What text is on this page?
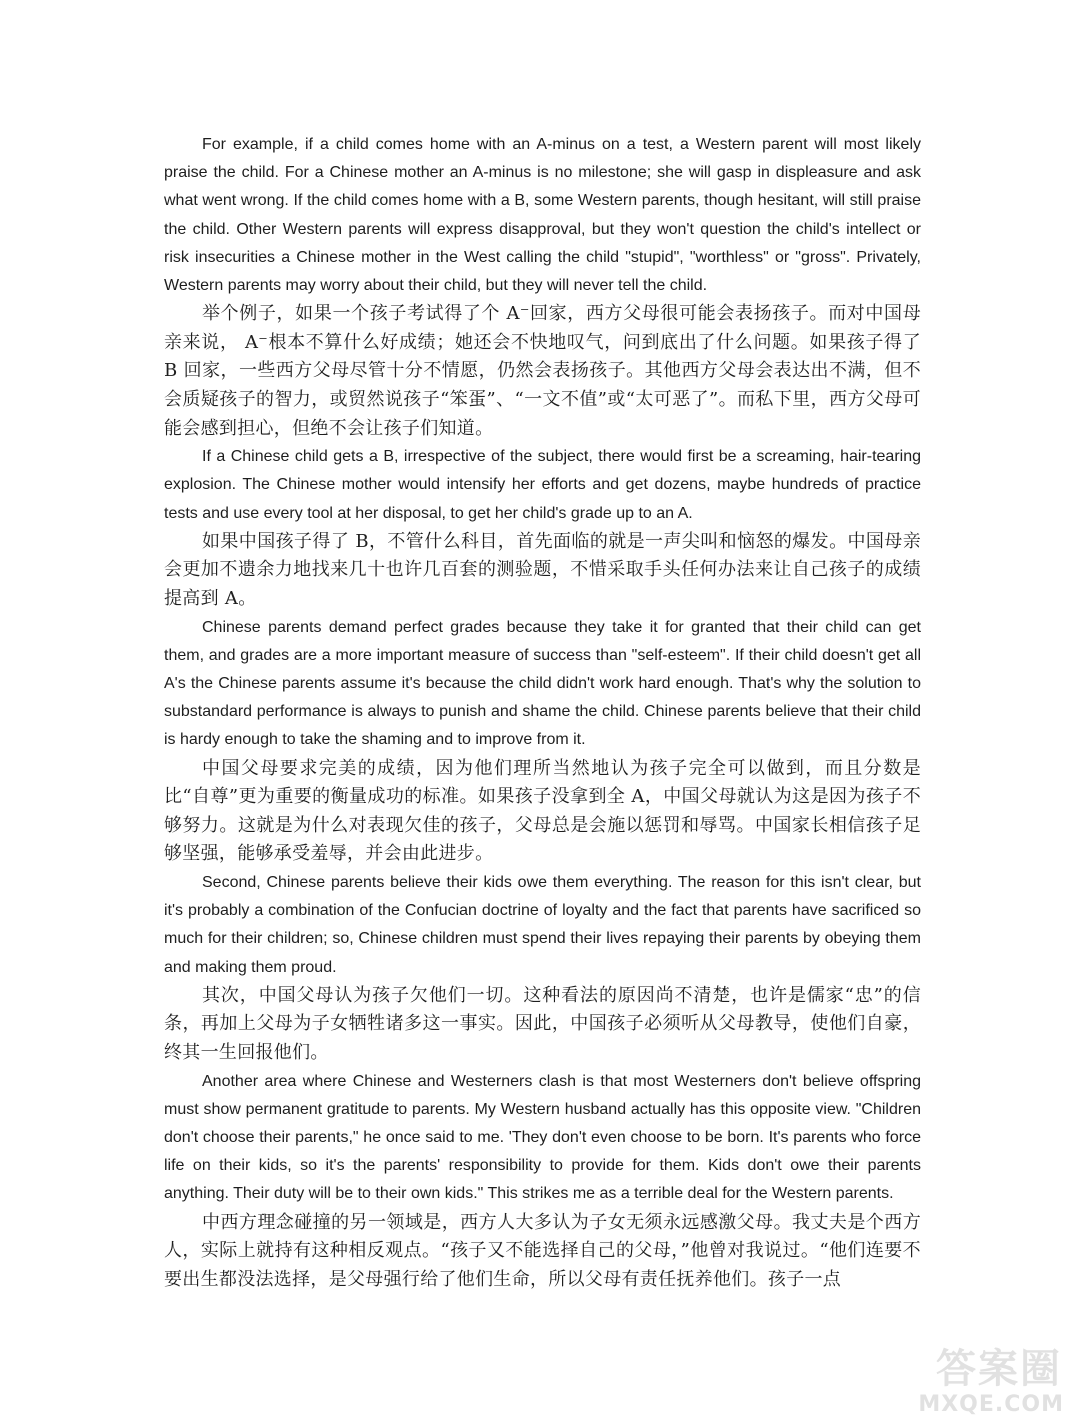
For example, if a child comes home with an A-minus on a test, a Western parent will most likely praise the child. For a Chinese mother an A-minus is no milestone; she will gasp in displeasure and ask what went wrong. If the child comes home with a B, some Western parents, though hesitant, will still praise the child. Other Western parents will express disapproval, but they won't question the child's intellect or risk insecurities a Chinese mother in the West calling the child "stupid", "worthless" or "gross". Privately, Western parents may worry about their child, but they will never tell the child.

举个例子，如果一个孩子考试得了个 A⁻回家，西方父母很可能会表扬孩子。而对中国母亲来说， A⁻根本不算什么好成绩；她还会不快地叹气，问到底出了什么问题。如果孩子得了 B 回家，一些西方父母尽管十分不情愿，仍然会表扬孩子。其他西方父母会表达出不满，但不会质疑孩子的智力，或贸然说孩子“笨蛋”、“一文不值”或“太可恶了”。而私下里，西方父母可能会感到担心，但绝不会让孩子们知道。

If a Chinese child gets a B, irrespective of the subject, there would first be a screaming, hair-tearing explosion. The Chinese mother would intensify her efforts and get dozens, maybe hundreds of practice tests and use every tool at her disposal, to get her child's grade up to an A.

如果中国孩子得了 B，不管什么科目，首先面临的就是一声尖叫和恼怒的爆发。中国母亲会更加不遗余力地找来几十也许几百套的测验题，不惜采取手头任何办法来让自己孩子的成绩提高到 A。

Chinese parents demand perfect grades because they take it for granted that their child can get them, and grades are a more important measure of success than "self-esteem". If their child doesn't get all A's the Chinese parents assume it's because the child didn't work hard enough. That's why the solution to substandard performance is always to punish and shame the child. Chinese parents believe that their child is hardy enough to take the shaming and to improve from it.

中国父母要求完美的成绩，因为他们理所当然地认为孩子完全可以做到，而且分数是比“自尊”更为重要的衡量成功的标准。如果孩子没拿到全 A，中国父母就认为这是因为孩子不够努力。这就是为什么对表现欠佳的孩子，父母总是会施以惩罚和辱骂。中国家长相信孩子足够坚强，能够承受羞辱，并会由此进步。

Second, Chinese parents believe their kids owe them everything. The reason for this isn't clear, but it's probably a combination of the Confucian doctrine of loyalty and the fact that parents have sacrificed so much for their children; so, Chinese children must spend their lives repaying their parents by obeying them and making them proud.

其次，中国父母认为孩子欠他们一切。这种看法的原因尚不清楚，也许是儒家“忠”的信条，再加上父母为子女牺牲诸多这一事实。因此，中国孩子必须听从父母教导，使他们自豪，终其一生回报他们。

Another area where Chinese and Westerners clash is that most Westerners don't believe offspring must show permanent gratitude to parents. My Western husband actually has this opposite view. "Children don't choose their parents," he once said to me. 'They don't even choose to be born. It's parents who force life on their kids, so it's the parents' responsibility to provide for them. Kids don't owe their parents anything. Their duty will be to their own kids." This strikes me as a terrible deal for the Western parents.

中西方理念碰撞的另一领域是，西方人大多认为子女无须永远感激父母。我丈夫是个西方人，实际上就持有这种相反观点。“孩子又不能选择自己的父母，”他曾对我说过。“他们连要不要出生都没法选择，是父母强行给了他们生命，所以父母有责任抚养他们。孩子一点

答案圈
MXQE.COM
